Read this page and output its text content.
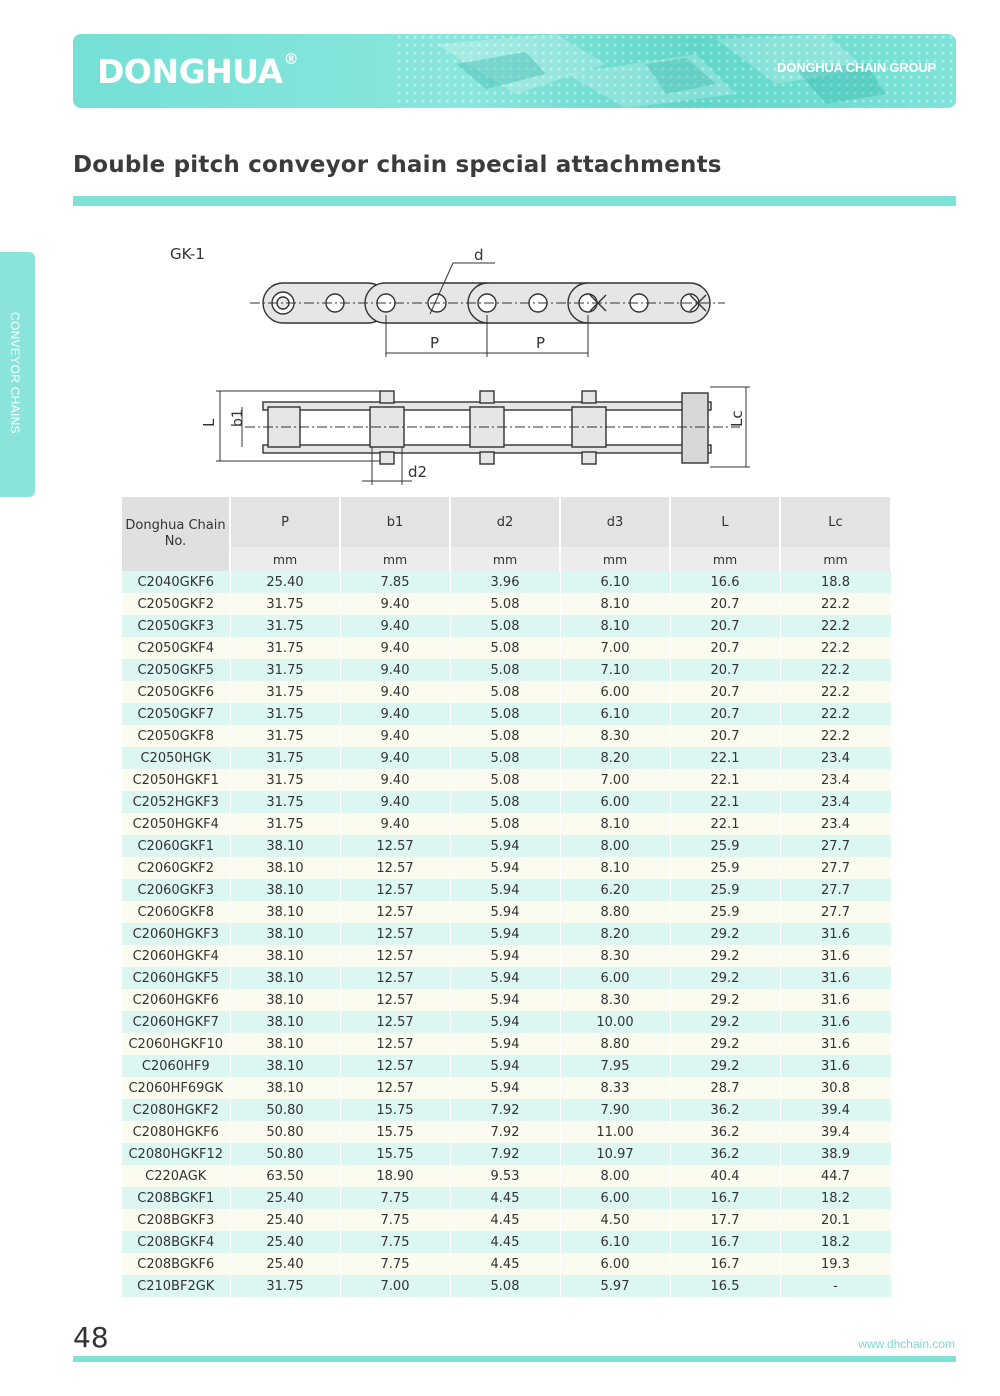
DONGHUA®	DONGHUA CHAIN GROUP
Double pitch conveyor chain special attachments
CONVEYOR CHAINS
GK-1	d
P	P
L b1	Lc
d2
Donghua Chain No.	P	b1	d2	d3	L	Lc
	mm	mm	mm	mm	mm	mm
C2040GKF6	25.40	7.85	3.96	6.10	16.6	18.8
C2050GKF2	31.75	9.40	5.08	8.10	20.7	22.2
C2050GKF3	31.75	9.40	5.08	8.10	20.7	22.2
C2050GKF4	31.75	9.40	5.08	7.00	20.7	22.2
C2050GKF5	31.75	9.40	5.08	7.10	20.7	22.2
C2050GKF6	31.75	9.40	5.08	6.00	20.7	22.2
C2050GKF7	31.75	9.40	5.08	6.10	20.7	22.2
C2050GKF8	31.75	9.40	5.08	8.30	20.7	22.2
C2050HGK	31.75	9.40	5.08	8.20	22.1	23.4
C2050HGKF1	31.75	9.40	5.08	7.00	22.1	23.4
C2052HGKF3	31.75	9.40	5.08	6.00	22.1	23.4
C2050HGKF4	31.75	9.40	5.08	8.10	22.1	23.4
C2060GKF1	38.10	12.57	5.94	8.00	25.9	27.7
C2060GKF2	38.10	12.57	5.94	8.10	25.9	27.7
C2060GKF3	38.10	12.57	5.94	6.20	25.9	27.7
C2060GKF8	38.10	12.57	5.94	8.80	25.9	27.7
C2060HGKF3	38.10	12.57	5.94	8.20	29.2	31.6
C2060HGKF4	38.10	12.57	5.94	8.30	29.2	31.6
C2060HGKF5	38.10	12.57	5.94	6.00	29.2	31.6
C2060HGKF6	38.10	12.57	5.94	8.30	29.2	31.6
C2060HGKF7	38.10	12.57	5.94	10.00	29.2	31.6
C2060HGKF10	38.10	12.57	5.94	8.80	29.2	31.6
C2060HF9	38.10	12.57	5.94	7.95	29.2	31.6
C2060HF69GK	38.10	12.57	5.94	8.33	28.7	30.8
C2080HGKF2	50.80	15.75	7.92	7.90	36.2	39.4
C2080HGKF6	50.80	15.75	7.92	11.00	36.2	39.4
C2080HGKF12	50.80	15.75	7.92	10.97	36.2	38.9
C220AGK	63.50	18.90	9.53	8.00	40.4	44.7
C208BGKF1	25.40	7.75	4.45	6.00	16.7	18.2
C208BGKF3	25.40	7.75	4.45	4.50	17.7	20.1
C208BGKF4	25.40	7.75	4.45	6.10	16.7	18.2
C208BGKF6	25.40	7.75	4.45	6.00	16.7	19.3
C210BF2GK	31.75	7.00	5.08	5.97	16.5	-
48	www.dhchain.com
